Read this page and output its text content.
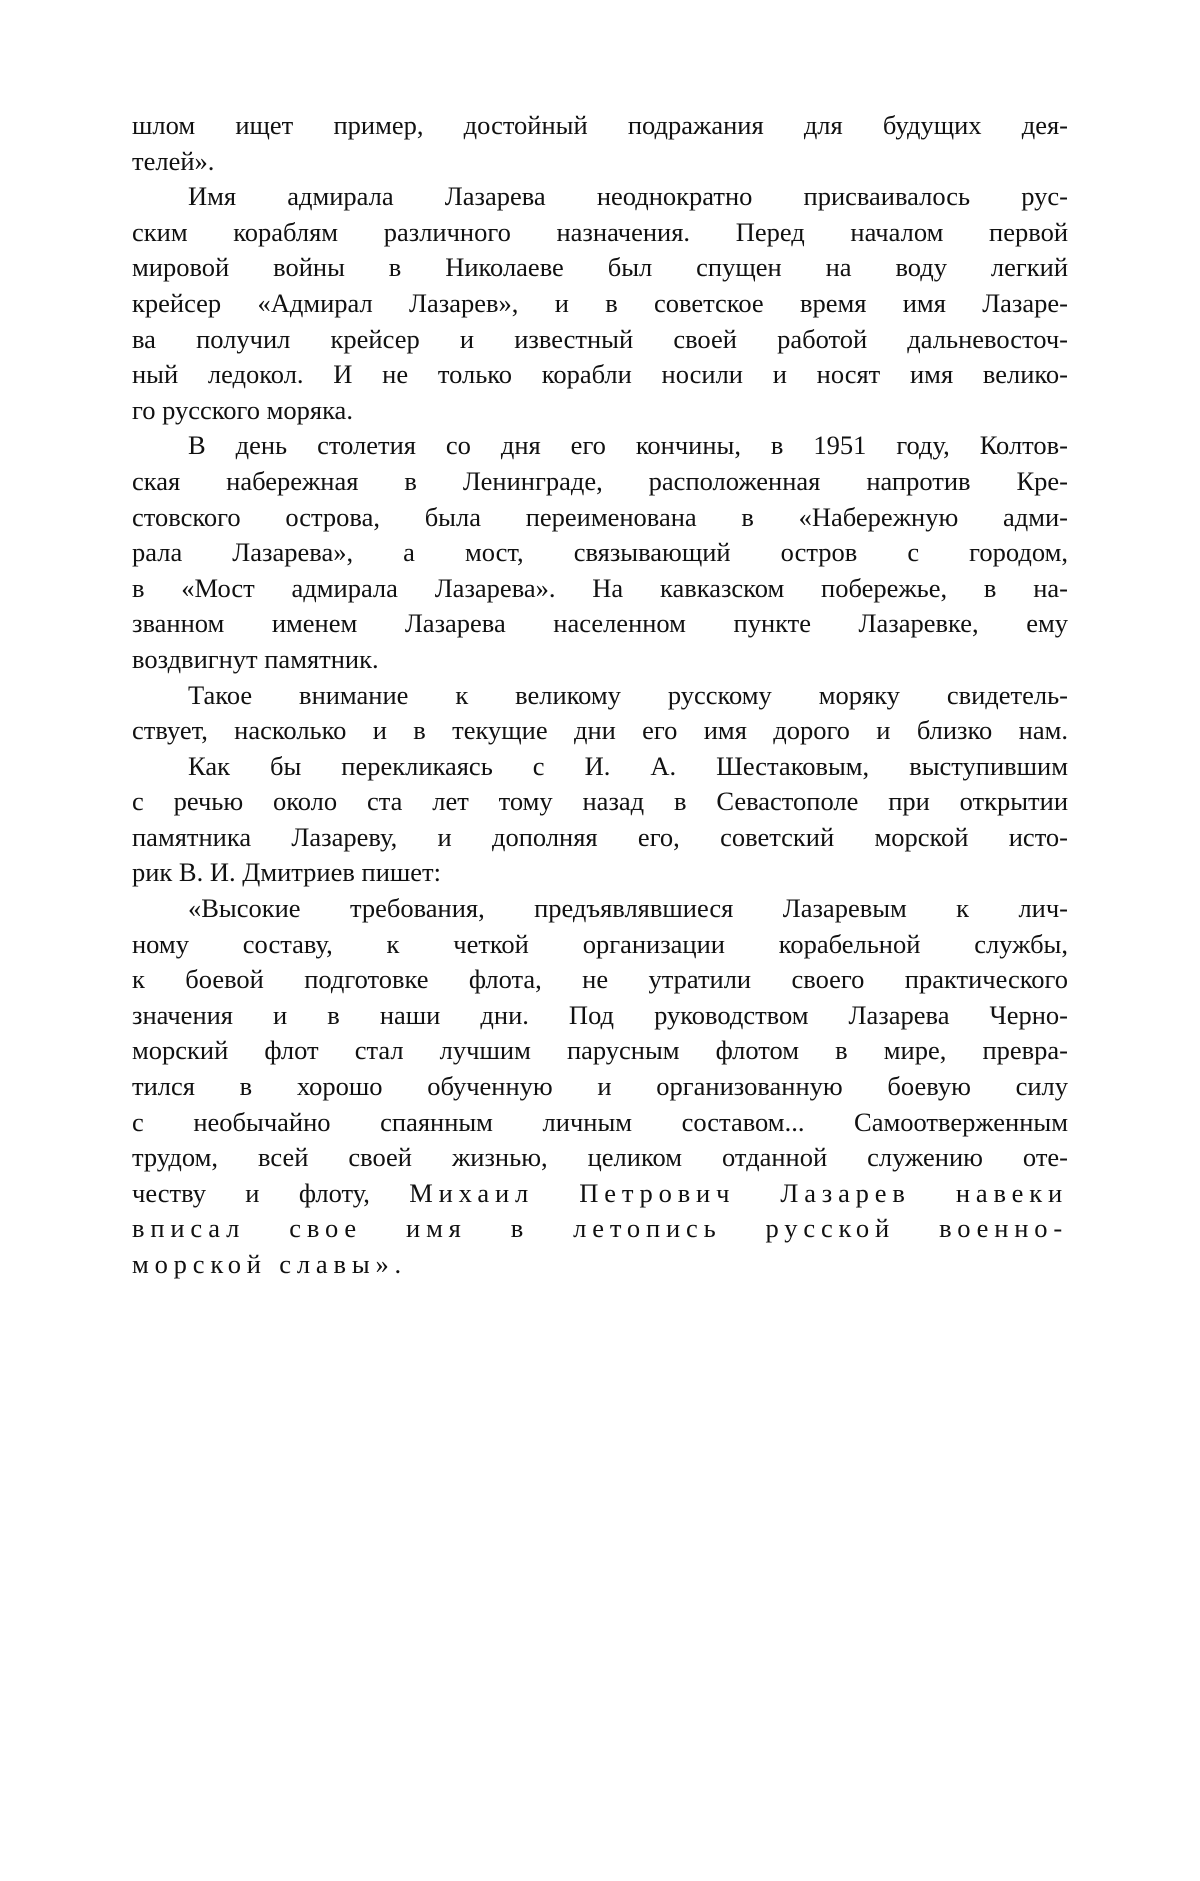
шлом ищет пример, достойный подражания для будущих дея-
телей».
Имя адмирала Лазарева неоднократно присваивалось рус-
ским кораблям различного назначения. Перед началом первой
мировой войны в Николаеве был спущен на воду легкий
крейсер «Адмирал Лазарев», и в советское время имя Лазаре-
ва получил крейсер и известный своей работой дальневосточ-
ный ледокол. И не только корабли носили и носят имя велико-
го русского моряка.
В день столетия со дня его кончины, в 1951 году, Колтов-
ская набережная в Ленинграде, расположенная напротив Кре-
стовского острова, была переименована в «Набережную адми-
рала Лазарева», а мост, связывающий остров с городом,
в «Мост адмирала Лазарева». На кавказском побережье, в на-
званном именем Лазарева населенном пункте Лазаревке, ему
воздвигнут памятник.
Такое внимание к великому русскому моряку свидетель-
ствует, насколько и в текущие дни его имя дорого и близко нам.
Как бы перекликаясь с И. А. Шестаковым, выступившим
с речью около ста лет тому назад в Севастополе при открытии
памятника Лазареву, и дополняя его, советский морской исто-
рик В. И. Дмитриев пишет:
«Высокие требования, предъявлявшиеся Лазаревым к лич-
ному составу, к четкой организации корабельной службы,
к боевой подготовке флота, не утратили своего практического
значения и в наши дни. Под руководством Лазарева Черно-
морский флот стал лучшим парусным флотом в мире, превра-
тился в хорошо обученную и организованную боевую силу
с необычайно спаянным личным составом... Самоотверженным
трудом, всей своей жизнью, целиком отданной служению оте-
честву и флоту, Михаил Петрович Лазарев навеки
вписал свое имя в летопись русской военно-
морской славы».
